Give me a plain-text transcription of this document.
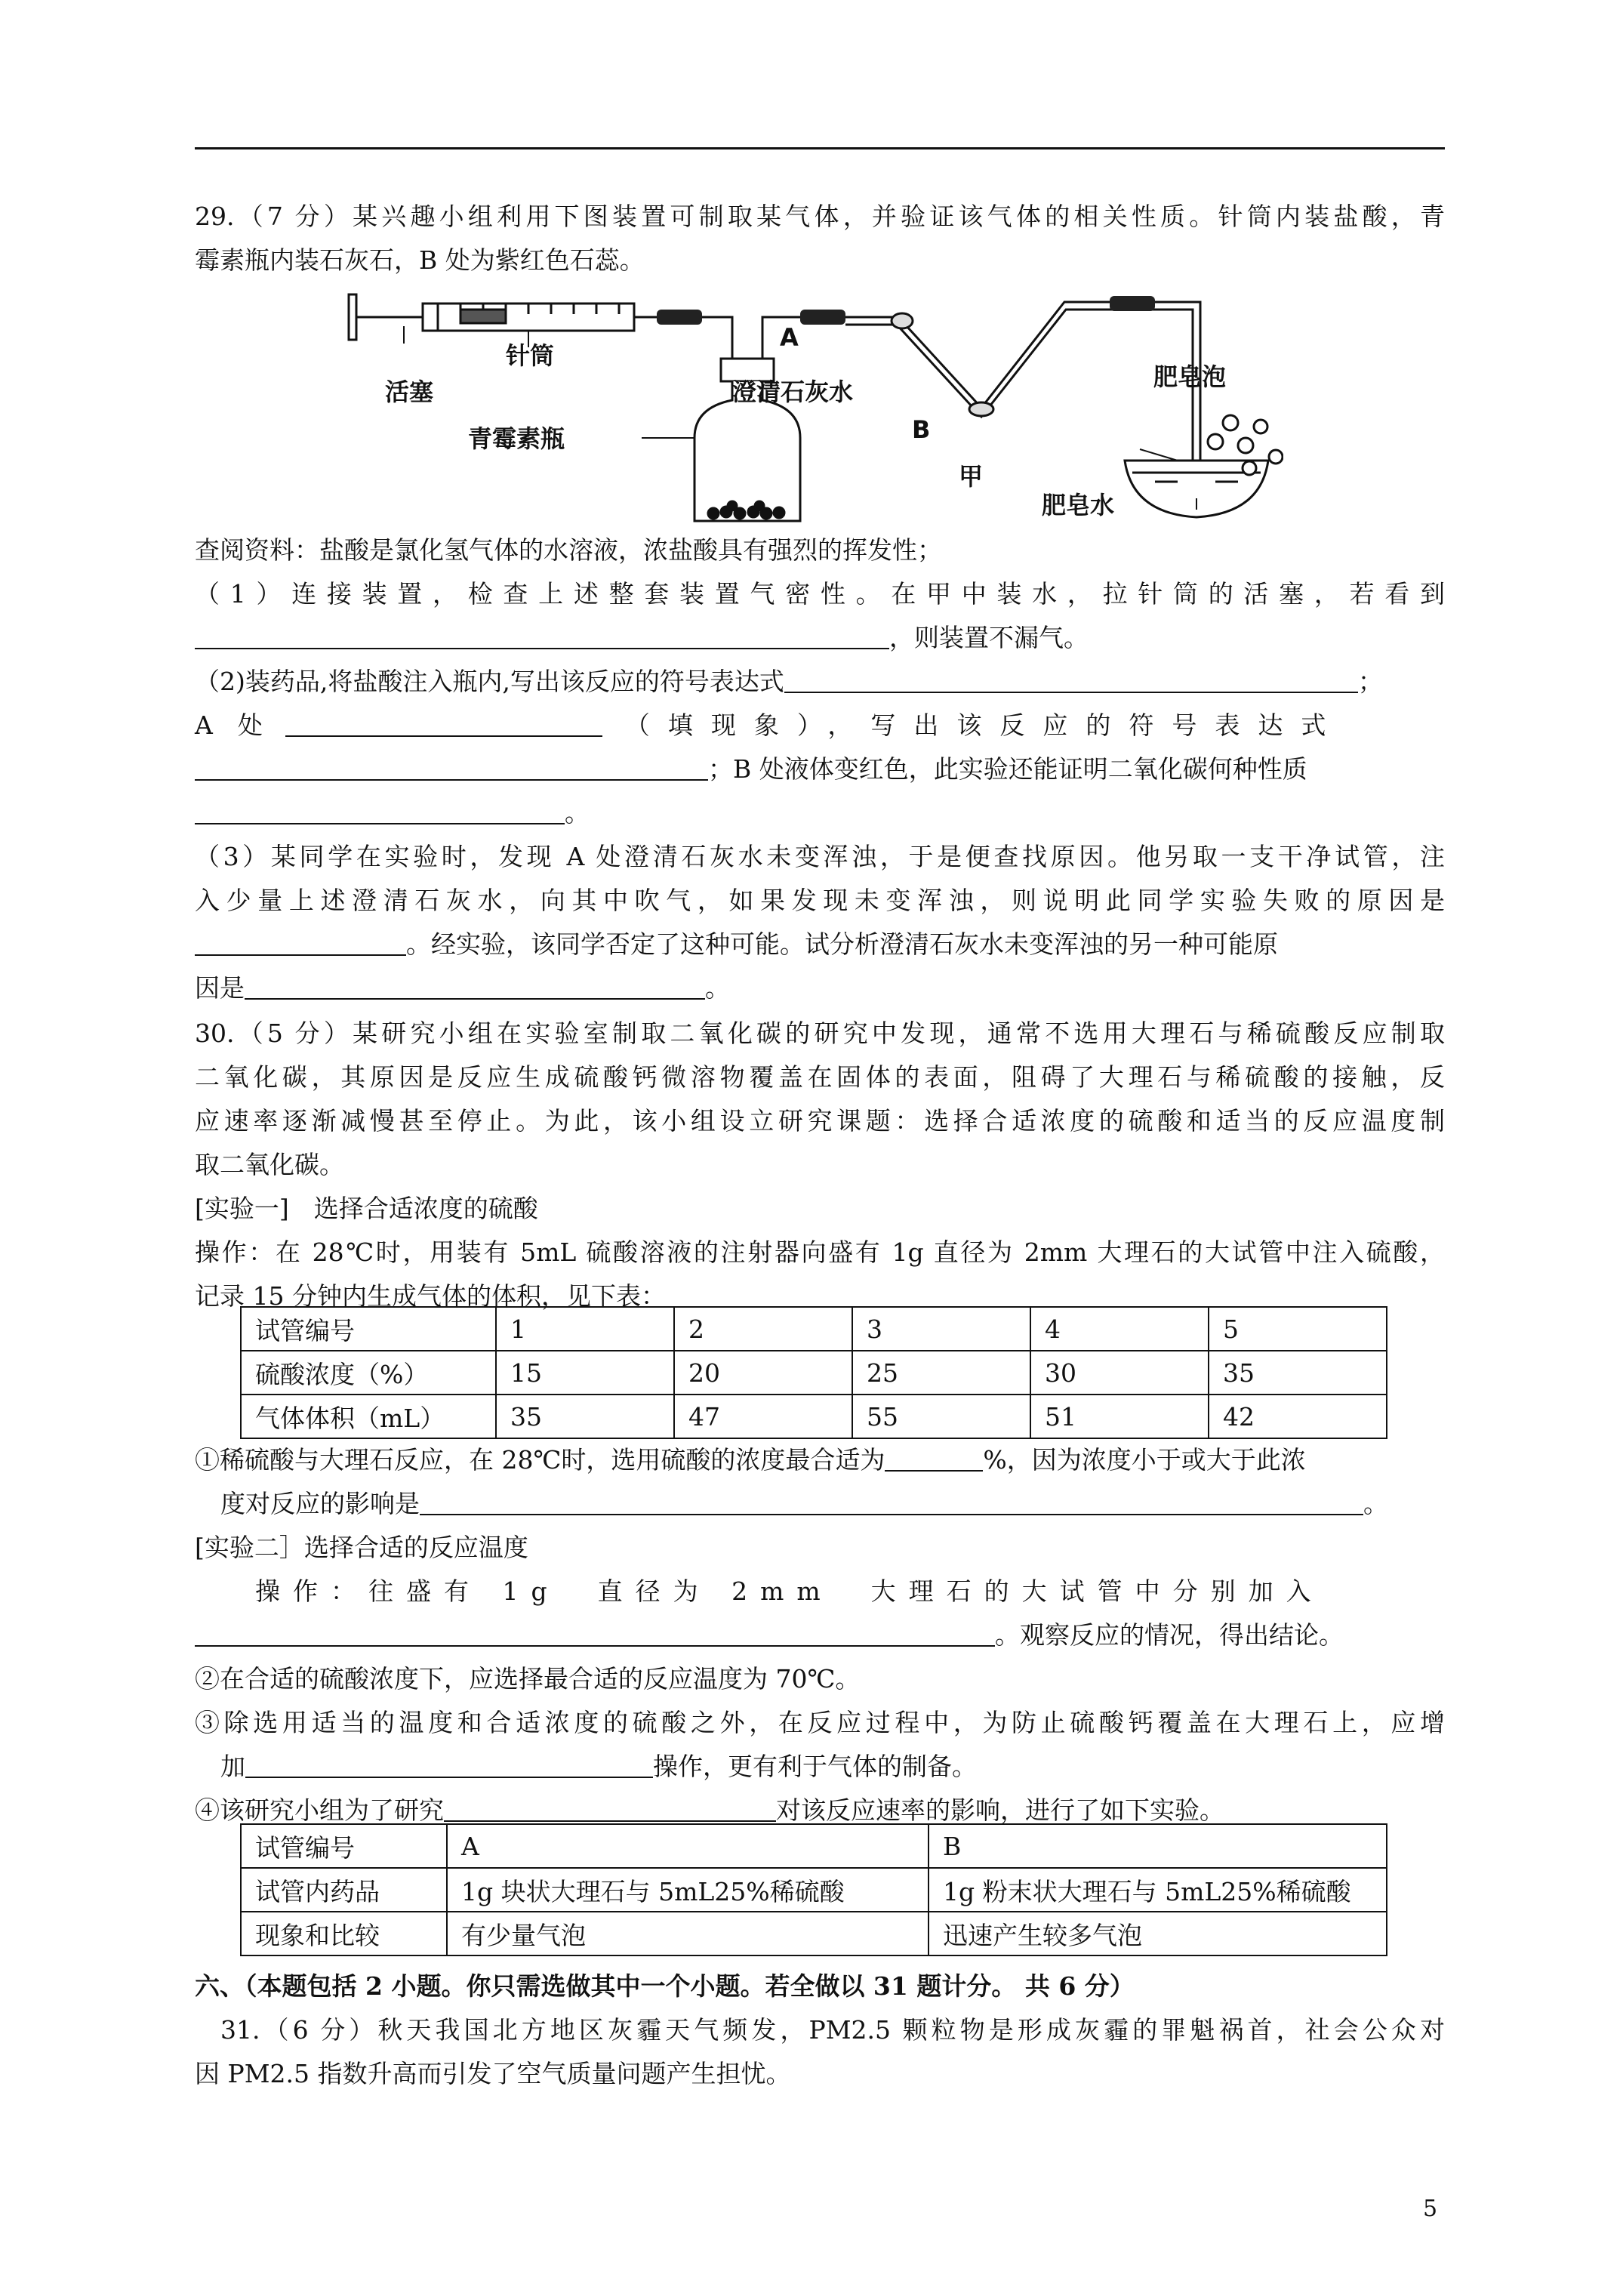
29.（7 分）某兴趣小组利用下图装置可制取某气体，并验证该气体的相关性质。针筒内装盐酸，青
霉素瓶内装石灰石，B 处为紫红色石蕊。
活塞
针筒
青霉素瓶
A
澄清石灰水
B
肥皂泡
甲
肥皂水
查阅资料：盐酸是氯化氢气体的水溶液，浓盐酸具有强烈的挥发性；
（1）连接装置，检查上述整套装置气密性。在甲中装水，拉针筒的活塞，若看到
，则装置不漏气。
（2)装药品,将盐酸注入瓶内,写出该反应的符号表达式	；
A　处	（填现象），写出该反应的符号表达式
；B 处液体变红色，此实验还能证明二氧化碳何种性质
。
（3）某同学在实验时，发现 A 处澄清石灰水未变浑浊，于是便查找原因。他另取一支干净试管，注
入少量上述澄清石灰水，向其中吹气，如果发现未变浑浊，则说明此同学实验失败的原因是
。经实验，该同学否定了这种可能。试分析澄清石灰水未变浑浊的另一种可能原
因是	。
30.（5 分）某研究小组在实验室制取二氧化碳的研究中发现，通常不选用大理石与稀硫酸反应制取
二氧化碳，其原因是反应生成硫酸钙微溶物覆盖在固体的表面，阻碍了大理石与稀硫酸的接触，反
应速率逐渐减慢甚至停止。为此，该小组设立研究课题：选择合适浓度的硫酸和适当的反应温度制
取二氧化碳。
[实验一]　选择合适浓度的硫酸
操作：在 28℃时，用装有 5mL 硫酸溶液的注射器向盛有 1g 直径为 2mm 大理石的大试管中注入硫酸，
记录 15 分钟内生成气体的体积，见下表：
试管编号	1	2	3	4	5
硫酸浓度（%）	15	20	25	30	35
气体体积（mL）	35	47	55	51	42
①稀硫酸与大理石反应，在 28℃时，选用硫酸的浓度最合适为	%，因为浓度小于或大于此浓
度对反应的影响是	。
[实验二］选择合适的反应温度
操作：往盛有 1g　直径为 2mm　大理石的大试管中分别加入
。观察反应的情况，得出结论。
②在合适的硫酸浓度下，应选择最合适的反应温度为 70℃。
③除选用适当的温度和合适浓度的硫酸之外，在反应过程中，为防止硫酸钙覆盖在大理石上，应增
加	操作，更有利于气体的制备。
④该研究小组为了研究	对该反应速率的影响，进行了如下实验。
试管编号	A	B
试管内药品	1g 块状大理石与 5mL25%稀硫酸	1g 粉末状大理石与 5mL25%稀硫酸
现象和比较	有少量气泡	迅速产生较多气泡
六、（本题包括 2 小题。你只需选做其中一个小题。若全做以 31 题计分。 共 6 分）
31.（6 分）秋天我国北方地区灰霾天气频发，PM2.5 颗粒物是形成灰霾的罪魁祸首，社会公众对
因 PM2.5 指数升高而引发了空气质量问题产生担忧。
5
